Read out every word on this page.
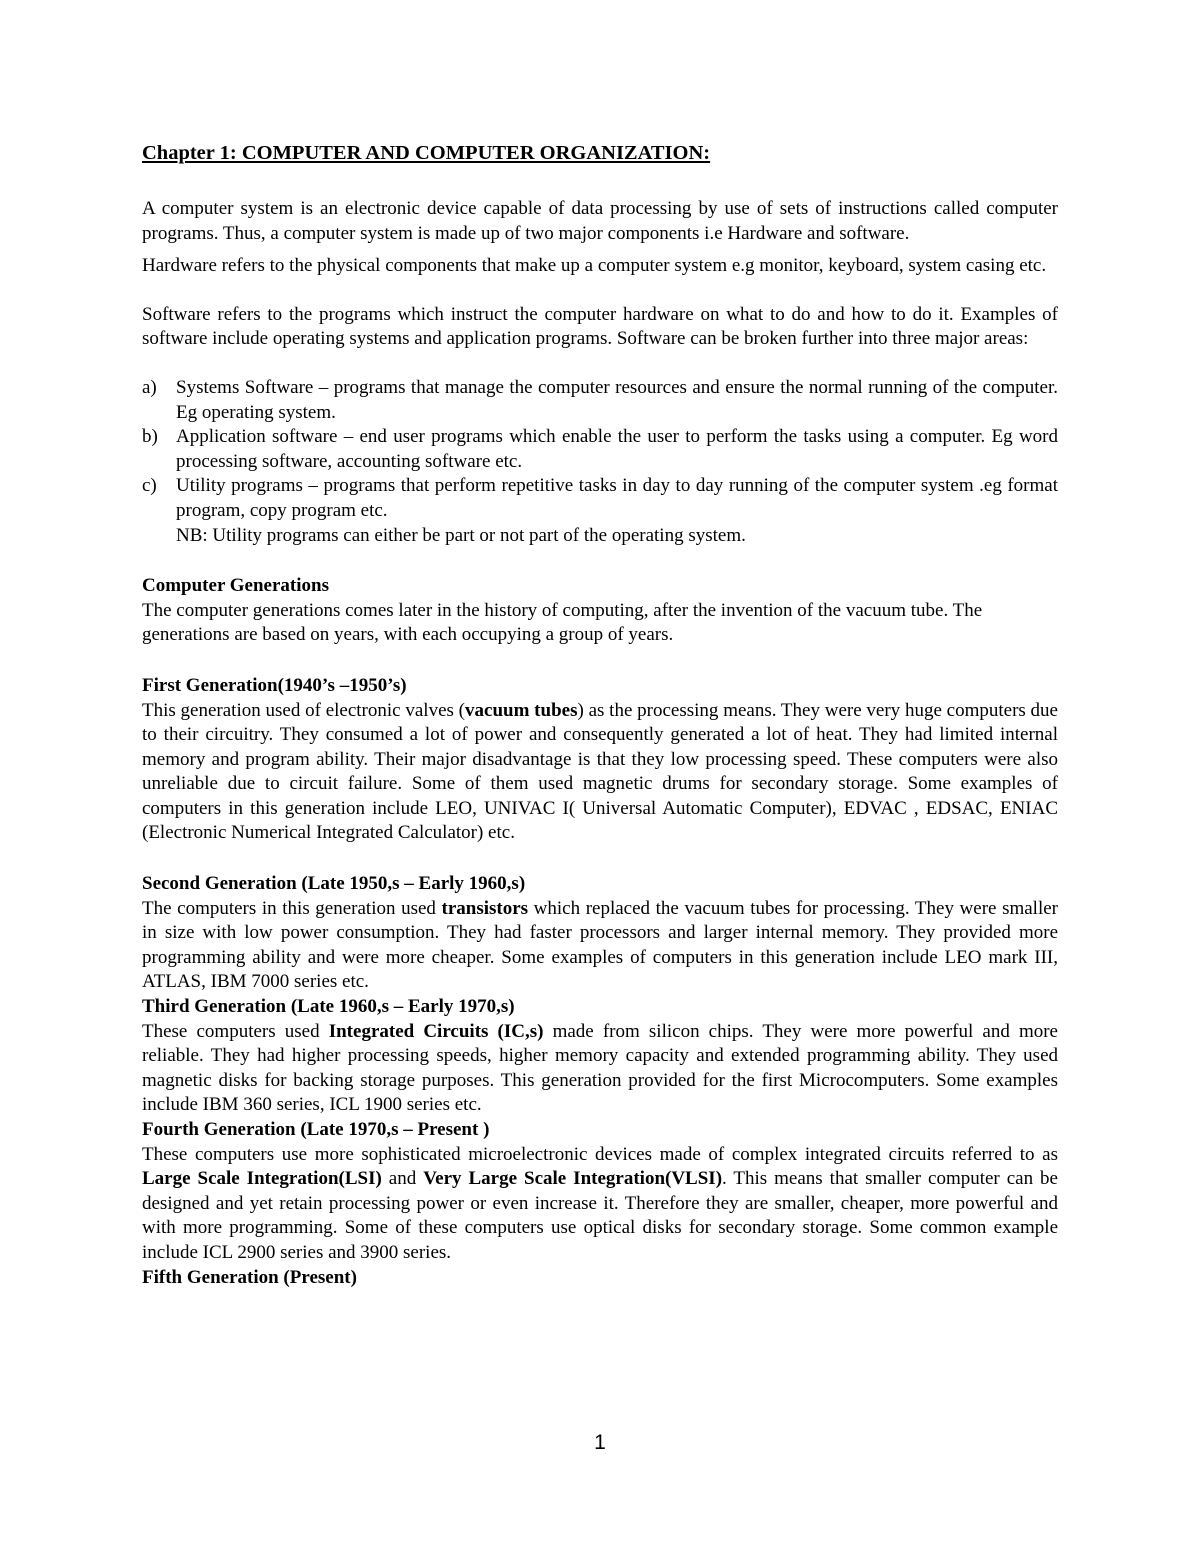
Chapter 1: COMPUTER AND COMPUTER ORGANIZATION:

A computer system is an electronic device capable of data processing by use of sets of instructions called computer programs. Thus, a computer system is made up of two major components i.e Hardware and software.

Hardware refers to the physical components that make up a computer system e.g monitor, keyboard, system casing etc.

Software refers to the programs which instruct the computer hardware on what to do and how to do it. Examples of software include operating systems and application programs. Software can be broken further into three major areas:

a) Systems Software – programs that manage the computer resources and ensure the normal running of the computer. Eg operating system.
b) Application software – end user programs which enable the user to perform the tasks using a computer. Eg word processing software, accounting software etc.
c) Utility programs – programs that perform repetitive tasks in day to day running of the computer system .eg format program, copy program etc.
NB: Utility programs can either be part or not part of the operating system.

Computer Generations

The computer generations comes later in the history of computing, after the invention of the vacuum tube. The generations are based on years, with each occupying a group of years.

First Generation(1940’s –1950’s)

This generation used of electronic valves (vacuum tubes) as the processing means. They were very huge computers due to their circuitry. They consumed a lot of power and consequently generated a lot of heat. They had limited internal memory and program ability. Their major disadvantage is that they low processing speed. These computers were also unreliable due to circuit failure. Some of them used magnetic drums for secondary storage. Some examples of computers in this generation include LEO, UNIVAC I( Universal Automatic Computer), EDVAC , EDSAC, ENIAC (Electronic Numerical Integrated Calculator) etc.

Second Generation (Late 1950,s – Early 1960,s)

The computers in this generation used transistors which replaced the vacuum tubes for processing. They were smaller in size with low power consumption. They had faster processors and larger internal memory. They provided more programming ability and were more cheaper. Some examples of computers in this generation include LEO mark III, ATLAS, IBM 7000 series etc.

Third Generation (Late 1960,s – Early 1970,s)

These computers used Integrated Circuits (IC,s) made from silicon chips. They were more powerful and more reliable. They had higher processing speeds, higher memory capacity and extended programming ability. They used magnetic disks for backing storage purposes. This generation provided for the first Microcomputers. Some examples include IBM 360 series, ICL 1900 series etc.

Fourth Generation (Late 1970,s – Present )

These computers use more sophisticated microelectronic devices made of complex integrated circuits referred to as Large Scale Integration(LSI) and Very Large Scale Integration(VLSI). This means that smaller computer can be designed and yet retain processing power or even increase it. Therefore they are smaller, cheaper, more powerful and with more programming. Some of these computers use optical disks for secondary storage. Some common example include ICL 2900 series and 3900 series.

Fifth Generation (Present)

1
